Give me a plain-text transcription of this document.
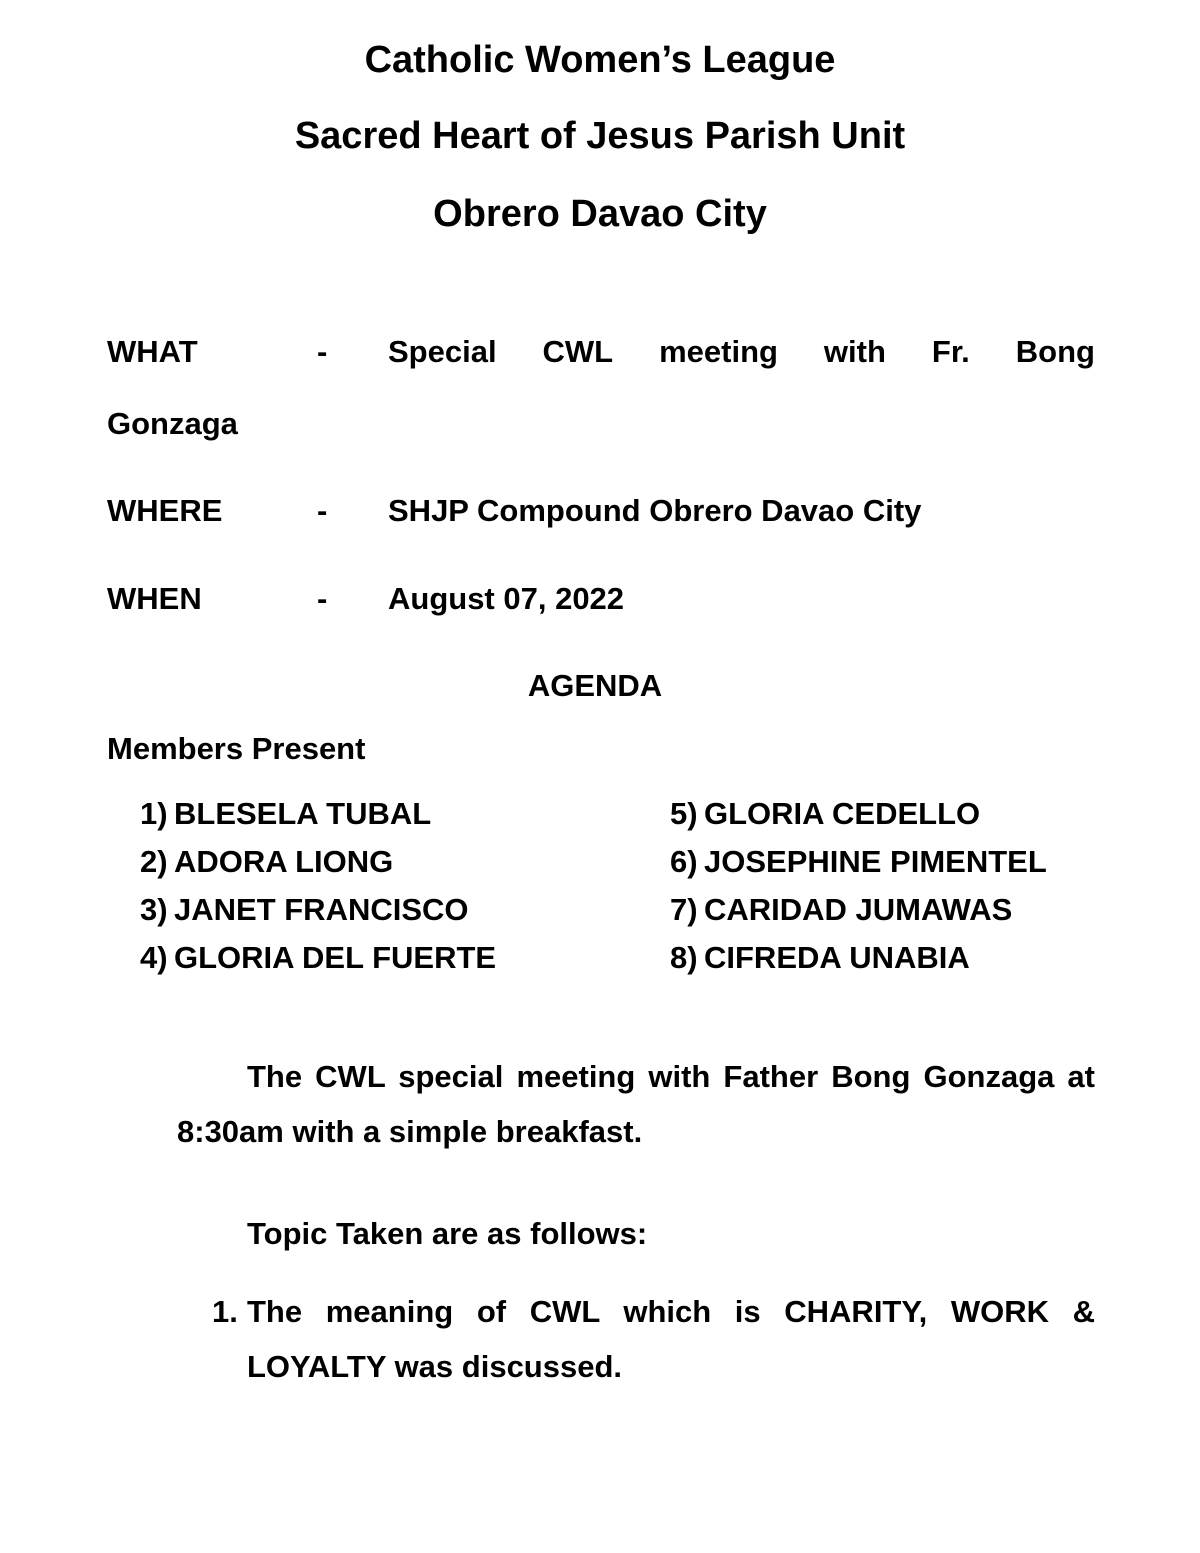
Catholic Women’s League
Sacred Heart of Jesus Parish Unit
Obrero Davao City
WHAT	- Special CWL meeting with Fr. Bong
Gonzaga
WHERE	- SHJP Compound Obrero Davao City
WHEN	- August 07, 2022
AGENDA
Members Present
1) BLESELA TUBAL
2) ADORA LIONG
3) JANET FRANCISCO
4) GLORIA DEL FUERTE
5) GLORIA CEDELLO
6) JOSEPHINE PIMENTEL
7) CARIDAD JUMAWAS
8) CIFREDA UNABIA

The CWL special meeting with Father Bong Gonzaga at 8:30am with a simple breakfast.

Topic Taken are as follows:
1. The meaning of CWL which is CHARITY, WORK & LOYALTY was discussed.
